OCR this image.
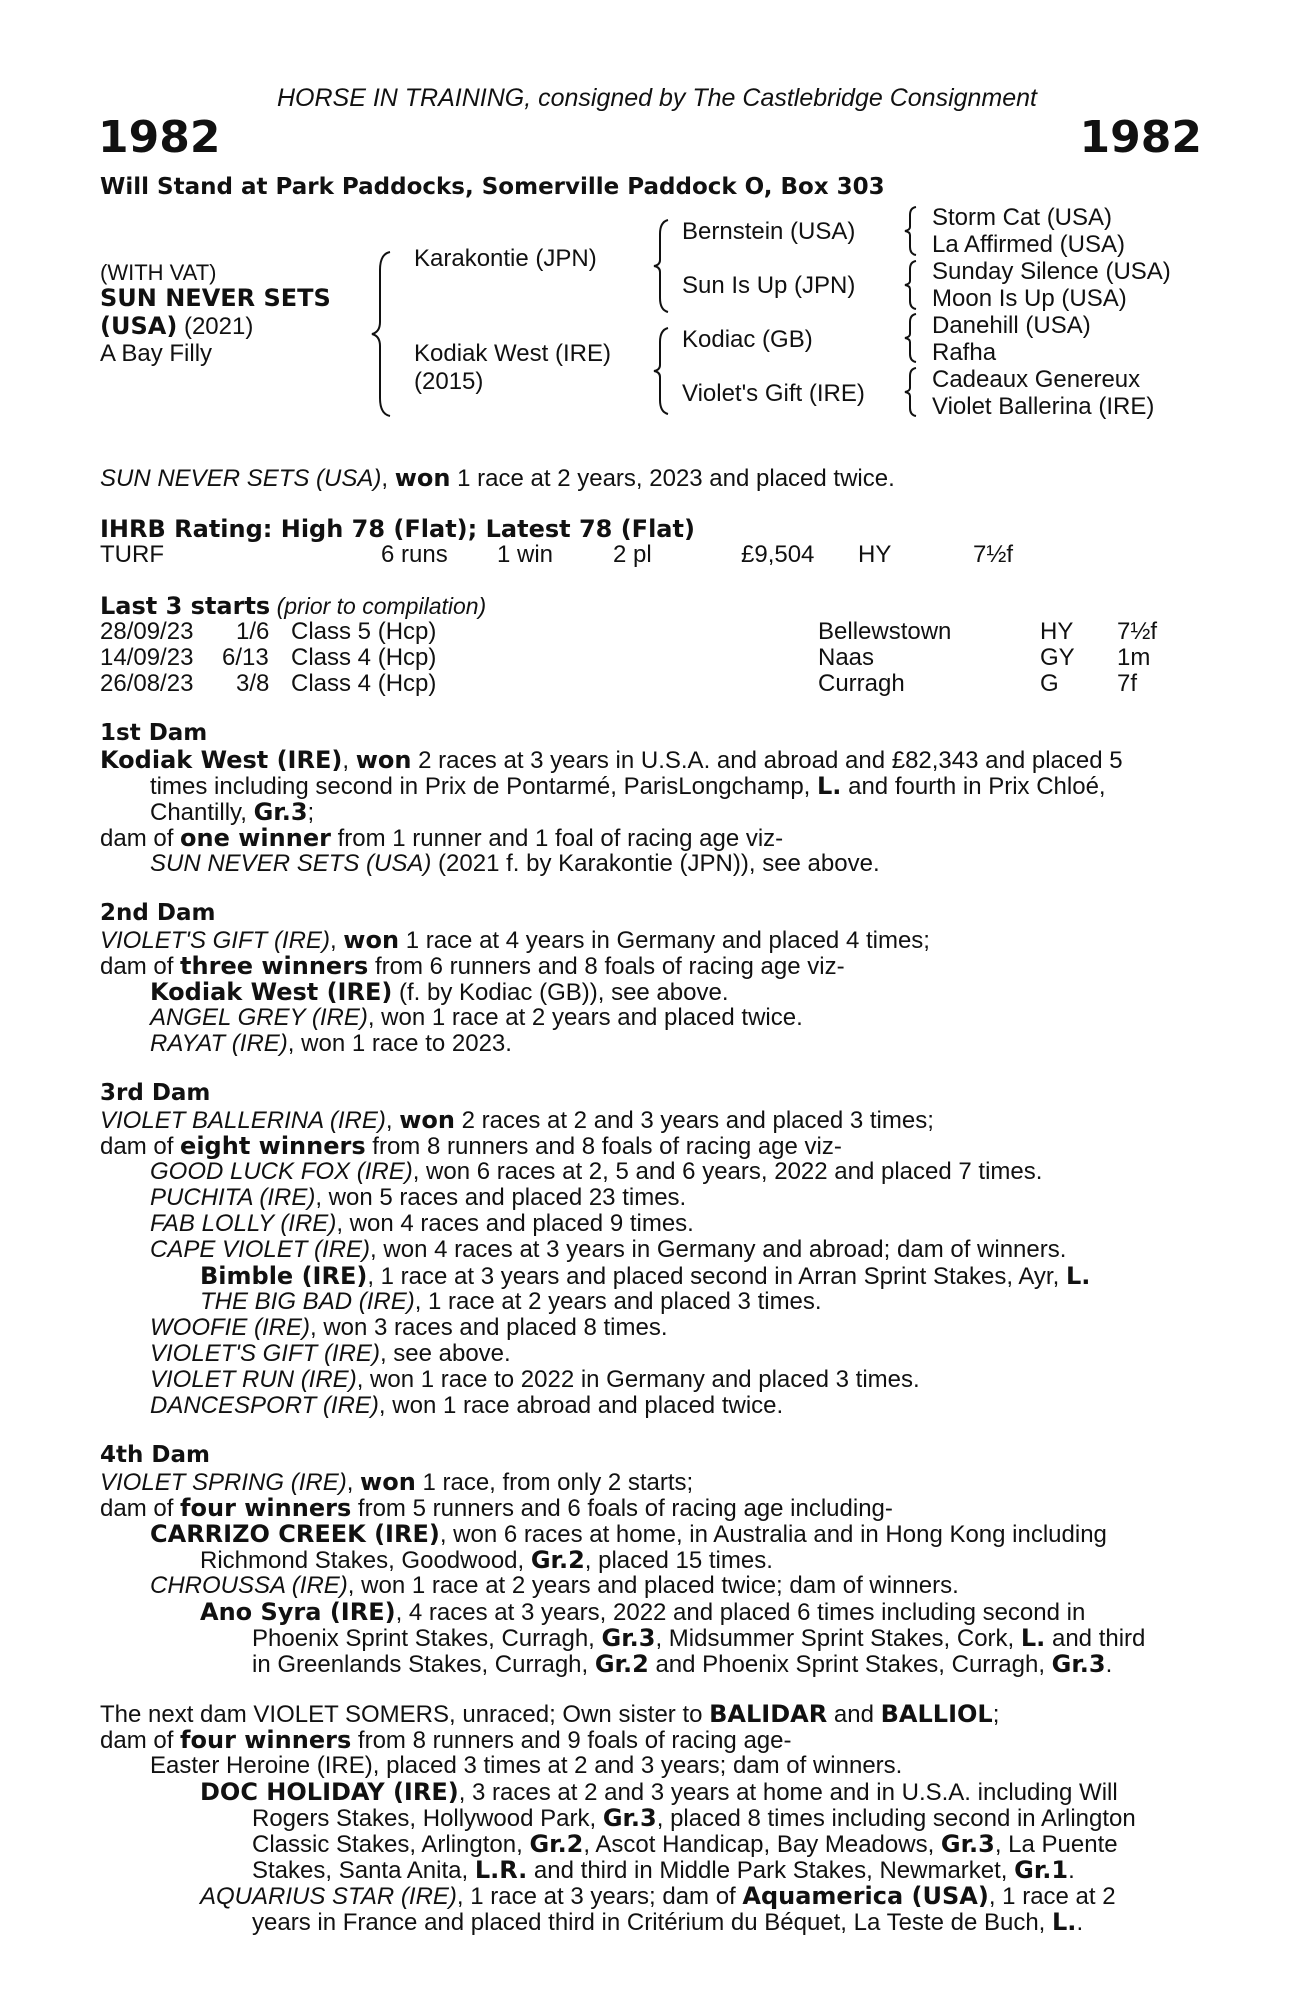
HORSE IN TRAINING, consigned by The Castlebridge Consignment
1982	1982
Will Stand at Park Paddocks, Somerville Paddock O, Box 303
(WITH VAT)
SUN NEVER SETS
(USA) (2021)
A Bay Filly
Karakontie (JPN)
Kodiak West (IRE)
(2015)
Bernstein (USA)
Sun Is Up (JPN)
Kodiac (GB)
Violet's Gift (IRE)
Storm Cat (USA)
La Affirmed (USA)
Sunday Silence (USA)
Moon Is Up (USA)
Danehill (USA)
Rafha
Cadeaux Genereux
Violet Ballerina (IRE)
SUN NEVER SETS (USA), won 1 race at 2 years, 2023 and placed twice.
IHRB Rating: High 78 (Flat); Latest 78 (Flat)
TURF	6 runs 1 win 2 pl	£9,504 HY	7½f
Last 3 starts (prior to compilation)
28/09/23 1/6 Class 5 (Hcp)	Bellewstown	HY 7½f
14/09/23 6/13 Class 4 (Hcp)	Naas	GY 1m
26/08/23 3/8 Class 4 (Hcp)	Curragh	G 7f
1st Dam
Kodiak West (IRE), won 2 races at 3 years in U.S.A. and abroad and £82,343 and placed 5
times including second in Prix de Pontarmé, ParisLongchamp, L. and fourth in Prix Chloé,
Chantilly, Gr.3;
dam of one winner from 1 runner and 1 foal of racing age viz-
SUN NEVER SETS (USA) (2021 f. by Karakontie (JPN)), see above.
2nd Dam
VIOLET'S GIFT (IRE), won 1 race at 4 years in Germany and placed 4 times;
dam of three winners from 6 runners and 8 foals of racing age viz-
Kodiak West (IRE) (f. by Kodiac (GB)), see above.
ANGEL GREY (IRE), won 1 race at 2 years and placed twice.
RAYAT (IRE), won 1 race to 2023.
3rd Dam
VIOLET BALLERINA (IRE), won 2 races at 2 and 3 years and placed 3 times;
dam of eight winners from 8 runners and 8 foals of racing age viz-
GOOD LUCK FOX (IRE), won 6 races at 2, 5 and 6 years, 2022 and placed 7 times.
PUCHITA (IRE), won 5 races and placed 23 times.
FAB LOLLY (IRE), won 4 races and placed 9 times.
CAPE VIOLET (IRE), won 4 races at 3 years in Germany and abroad; dam of winners.
Bimble (IRE), 1 race at 3 years and placed second in Arran Sprint Stakes, Ayr, L.
THE BIG BAD (IRE), 1 race at 2 years and placed 3 times.
WOOFIE (IRE), won 3 races and placed 8 times.
VIOLET'S GIFT (IRE), see above.
VIOLET RUN (IRE), won 1 race to 2022 in Germany and placed 3 times.
DANCESPORT (IRE), won 1 race abroad and placed twice.
4th Dam
VIOLET SPRING (IRE), won 1 race, from only 2 starts;
dam of four winners from 5 runners and 6 foals of racing age including-
CARRIZO CREEK (IRE), won 6 races at home, in Australia and in Hong Kong including
Richmond Stakes, Goodwood, Gr.2, placed 15 times.
CHROUSSA (IRE), won 1 race at 2 years and placed twice; dam of winners.
Ano Syra (IRE), 4 races at 3 years, 2022 and placed 6 times including second in
Phoenix Sprint Stakes, Curragh, Gr.3, Midsummer Sprint Stakes, Cork, L. and third
in Greenlands Stakes, Curragh, Gr.2 and Phoenix Sprint Stakes, Curragh, Gr.3.
The next dam VIOLET SOMERS, unraced; Own sister to BALIDAR and BALLIOL;
dam of four winners from 8 runners and 9 foals of racing age-
Easter Heroine (IRE), placed 3 times at 2 and 3 years; dam of winners.
DOC HOLIDAY (IRE), 3 races at 2 and 3 years at home and in U.S.A. including Will
Rogers Stakes, Hollywood Park, Gr.3, placed 8 times including second in Arlington
Classic Stakes, Arlington, Gr.2, Ascot Handicap, Bay Meadows, Gr.3, La Puente
Stakes, Santa Anita, L.R. and third in Middle Park Stakes, Newmarket, Gr.1.
AQUARIUS STAR (IRE), 1 race at 3 years; dam of Aquamerica (USA), 1 race at 2
years in France and placed third in Critérium du Béquet, La Teste de Buch, L..
